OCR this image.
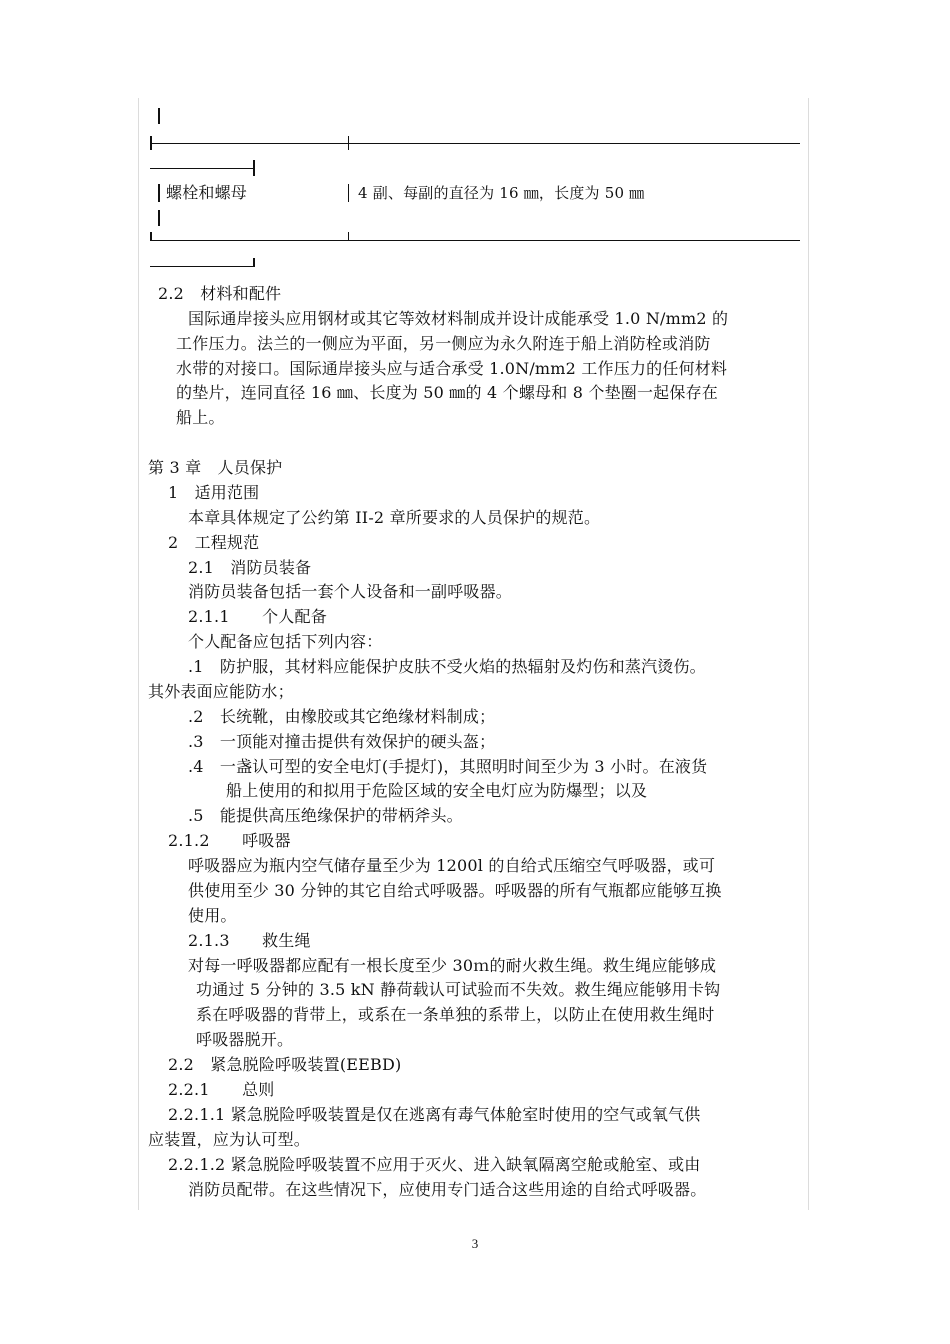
螺栓和螺母	4 副、每副的直径为 16 ㎜，长度为 50 ㎜
2.2　材料和配件
国际通岸接头应用钢材或其它等效材料制成并设计成能承受 1.0 N/mm2 的
工作压力。法兰的一侧应为平面，另一侧应为永久附连于船上消防栓或消防
水带的对接口。国际通岸接头应与适合承受 1.0N/mm2 工作压力的任何材料
的垫片，连同直径 16 ㎜、长度为 50 ㎜的 4 个螺母和 8 个垫圈一起保存在
船上。
第 3 章　人员保护
1　适用范围
本章具体规定了公约第 II-2 章所要求的人员保护的规范。
2　工程规范
2.1　消防员装备
消防员装备包括一套个人设备和一副呼吸器。
2.1.1　　个人配备
个人配备应包括下列内容：
.1　防护服，其材料应能保护皮肤不受火焰的热辐射及灼伤和蒸汽烫伤。
其外表面应能防水；
.2　长统靴，由橡胶或其它绝缘材料制成；
.3　一顶能对撞击提供有效保护的硬头盔；
.4　一盏认可型的安全电灯(手提灯)，其照明时间至少为 3 小时。在液货
船上使用的和拟用于危险区域的安全电灯应为防爆型；以及
.5　能提供高压绝缘保护的带柄斧头。
2.1.2　　呼吸器
呼吸器应为瓶内空气储存量至少为 1200l 的自给式压缩空气呼吸器，或可
供使用至少 30 分钟的其它自给式呼吸器。呼吸器的所有气瓶都应能够互换
使用。
2.1.3　　救生绳
对每一呼吸器都应配有一根长度至少 30ｍ的耐火救生绳。救生绳应能够成
功通过 5 分钟的 3.5 kN 静荷载认可试验而不失效。救生绳应能够用卡钩
系在呼吸器的背带上，或系在一条单独的系带上，以防止在使用救生绳时
呼吸器脱开。
2.2　紧急脱险呼吸装置(EEBD)
2.2.1　　总则
2.2.1.1 紧急脱险呼吸装置是仅在逃离有毒气体舱室时使用的空气或氧气供
应装置，应为认可型。
2.2.1.2 紧急脱险呼吸装置不应用于灭火、进入缺氧隔离空舱或舱室、或由
消防员配带。在这些情况下，应使用专门适合这些用途的自给式呼吸器。
3
